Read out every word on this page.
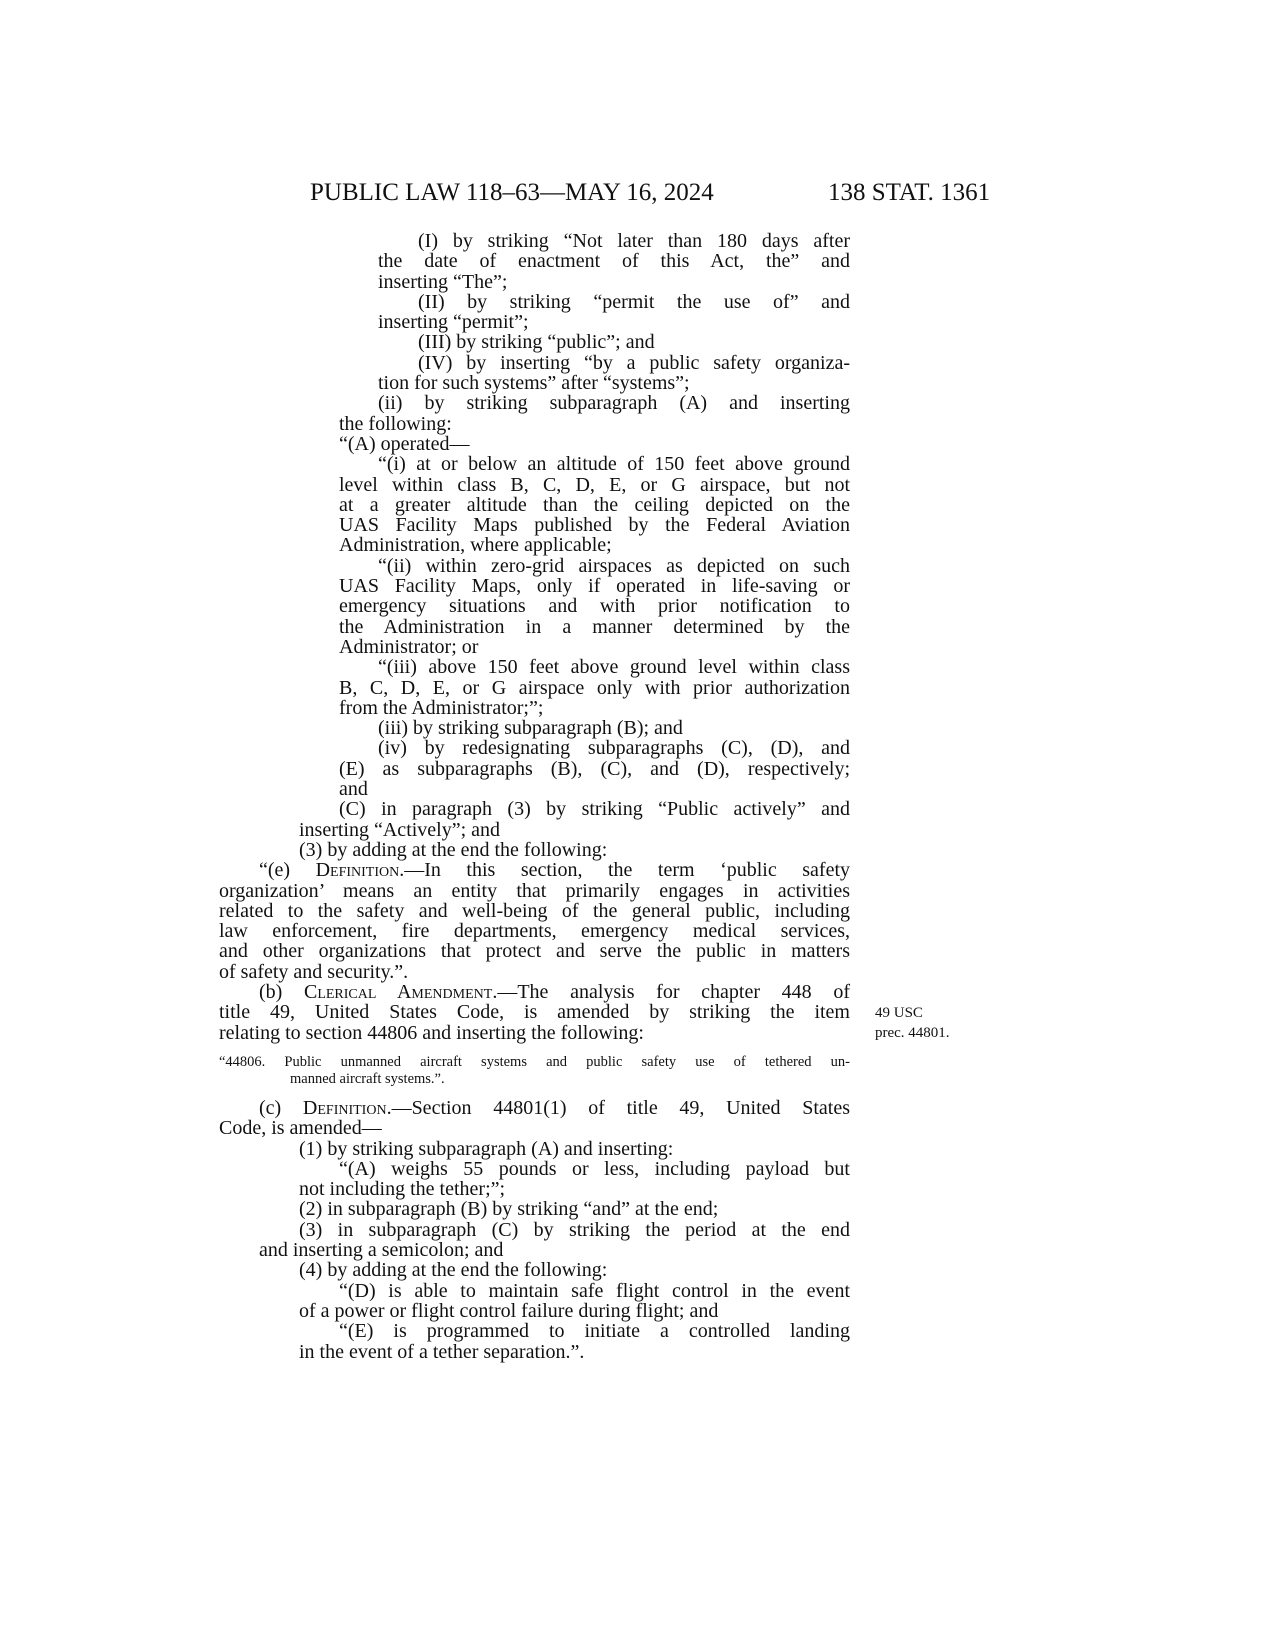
PUBLIC LAW 118–63—MAY 16, 2024	138 STAT. 1361
(I) by striking “Not later than 180 days after
the date of enactment of this Act, the” and
inserting “The”;
(II) by striking “permit the use of” and
inserting “permit”;
(III) by striking “public”; and
(IV) by inserting “by a public safety organiza-
tion for such systems” after “systems”;
(ii) by striking subparagraph (A) and inserting
the following:
“(A) operated—
“(i) at or below an altitude of 150 feet above ground
level within class B, C, D, E, or G airspace, but not
at a greater altitude than the ceiling depicted on the
UAS Facility Maps published by the Federal Aviation
Administration, where applicable;
“(ii) within zero-grid airspaces as depicted on such
UAS Facility Maps, only if operated in life-saving or
emergency situations and with prior notification to
the Administration in a manner determined by the
Administrator; or
“(iii) above 150 feet above ground level within class
B, C, D, E, or G airspace only with prior authorization
from the Administrator;”;
(iii) by striking subparagraph (B); and
(iv) by redesignating subparagraphs (C), (D), and
(E) as subparagraphs (B), (C), and (D), respectively;
and
(C) in paragraph (3) by striking “Public actively” and
inserting “Actively”; and
(3) by adding at the end the following:
“(e) Definition.—In this section, the term ‘public safety
organization’ means an entity that primarily engages in activities
related to the safety and well-being of the general public, including
law enforcement, fire departments, emergency medical services,
and other organizations that protect and serve the public in matters
of safety and security.”.
(b) Clerical Amendment.—The analysis for chapter 448 of
title 49, United States Code, is amended by striking the item
relating to section 44806 and inserting the following:
“44806. Public unmanned aircraft systems and public safety use of tethered un-
manned aircraft systems.”.
(c) Definition.—Section 44801(1) of title 49, United States
Code, is amended—
(1) by striking subparagraph (A) and inserting:
“(A) weighs 55 pounds or less, including payload but
not including the tether;”;
(2) in subparagraph (B) by striking “and” at the end;
(3) in subparagraph (C) by striking the period at the end
and inserting a semicolon; and
(4) by adding at the end the following:
“(D) is able to maintain safe flight control in the event
of a power or flight control failure during flight; and
“(E) is programmed to initiate a controlled landing
in the event of a tether separation.”.
49 USC
prec. 44801.
